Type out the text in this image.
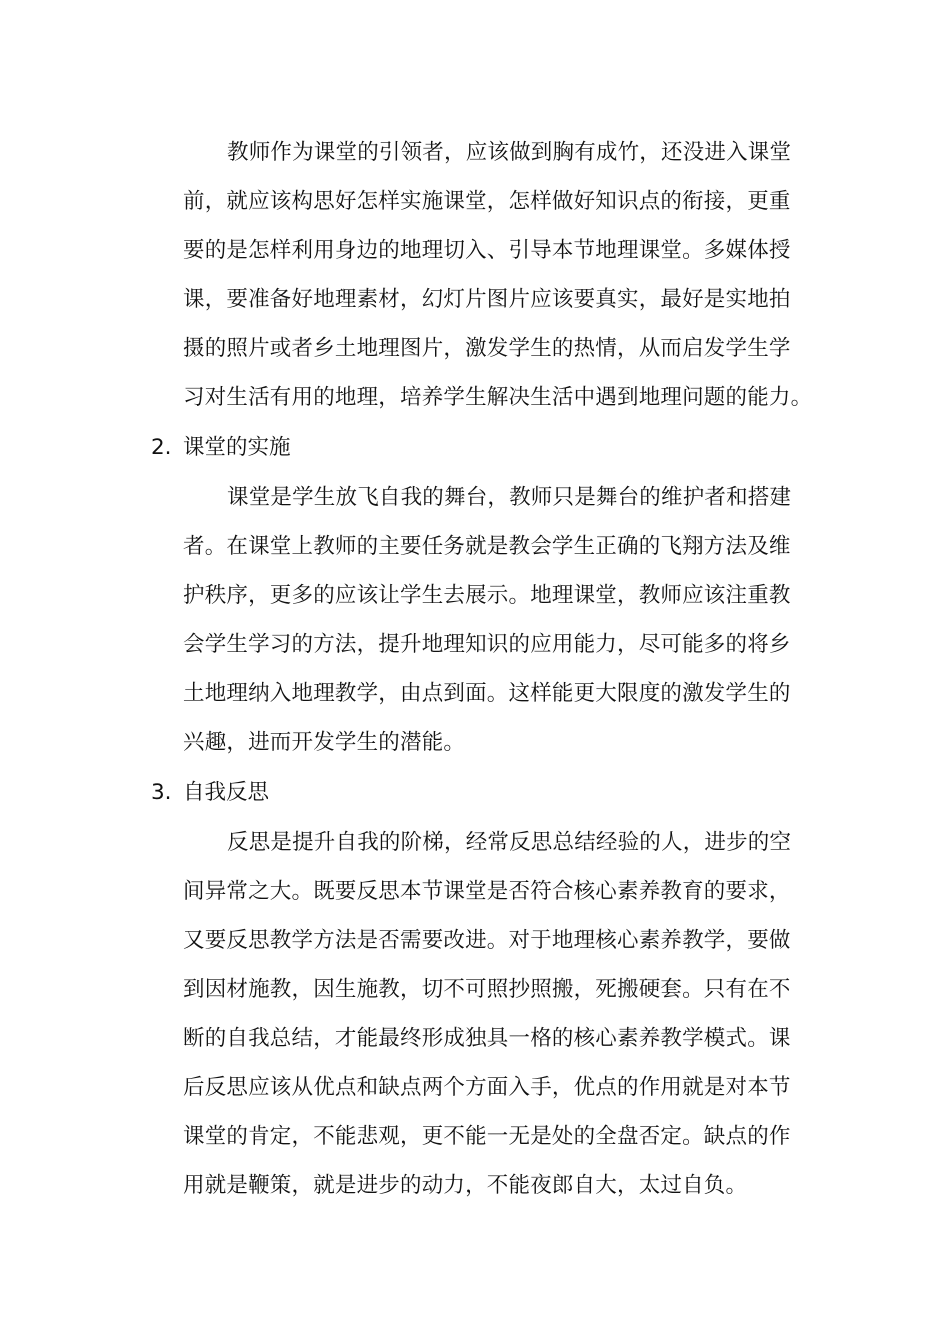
教师作为课堂的引领者，应该做到胸有成竹，还没进入课堂
前，就应该构思好怎样实施课堂，怎样做好知识点的衔接，更重
要的是怎样利用身边的地理切入、引导本节地理课堂。多媒体授
课，要准备好地理素材，幻灯片图片应该要真实，最好是实地拍
摄的照片或者乡土地理图片，激发学生的热情，从而启发学生学
习对生活有用的地理，培养学生解决生活中遇到地理问题的能力。
2. 课堂的实施
课堂是学生放飞自我的舞台，教师只是舞台的维护者和搭建
者。在课堂上教师的主要任务就是教会学生正确的飞翔方法及维
护秩序，更多的应该让学生去展示。地理课堂，教师应该注重教
会学生学习的方法，提升地理知识的应用能力，尽可能多的将乡
土地理纳入地理教学，由点到面。这样能更大限度的激发学生的
兴趣，进而开发学生的潜能。
3. 自我反思
反思是提升自我的阶梯，经常反思总结经验的人，进步的空
间异常之大。既要反思本节课堂是否符合核心素养教育的要求，
又要反思教学方法是否需要改进。对于地理核心素养教学，要做
到因材施教，因生施教，切不可照抄照搬，死搬硬套。只有在不
断的自我总结，才能最终形成独具一格的核心素养教学模式。课
后反思应该从优点和缺点两个方面入手，优点的作用就是对本节
课堂的肯定，不能悲观，更不能一无是处的全盘否定。缺点的作
用就是鞭策，就是进步的动力，不能夜郎自大，太过自负。
